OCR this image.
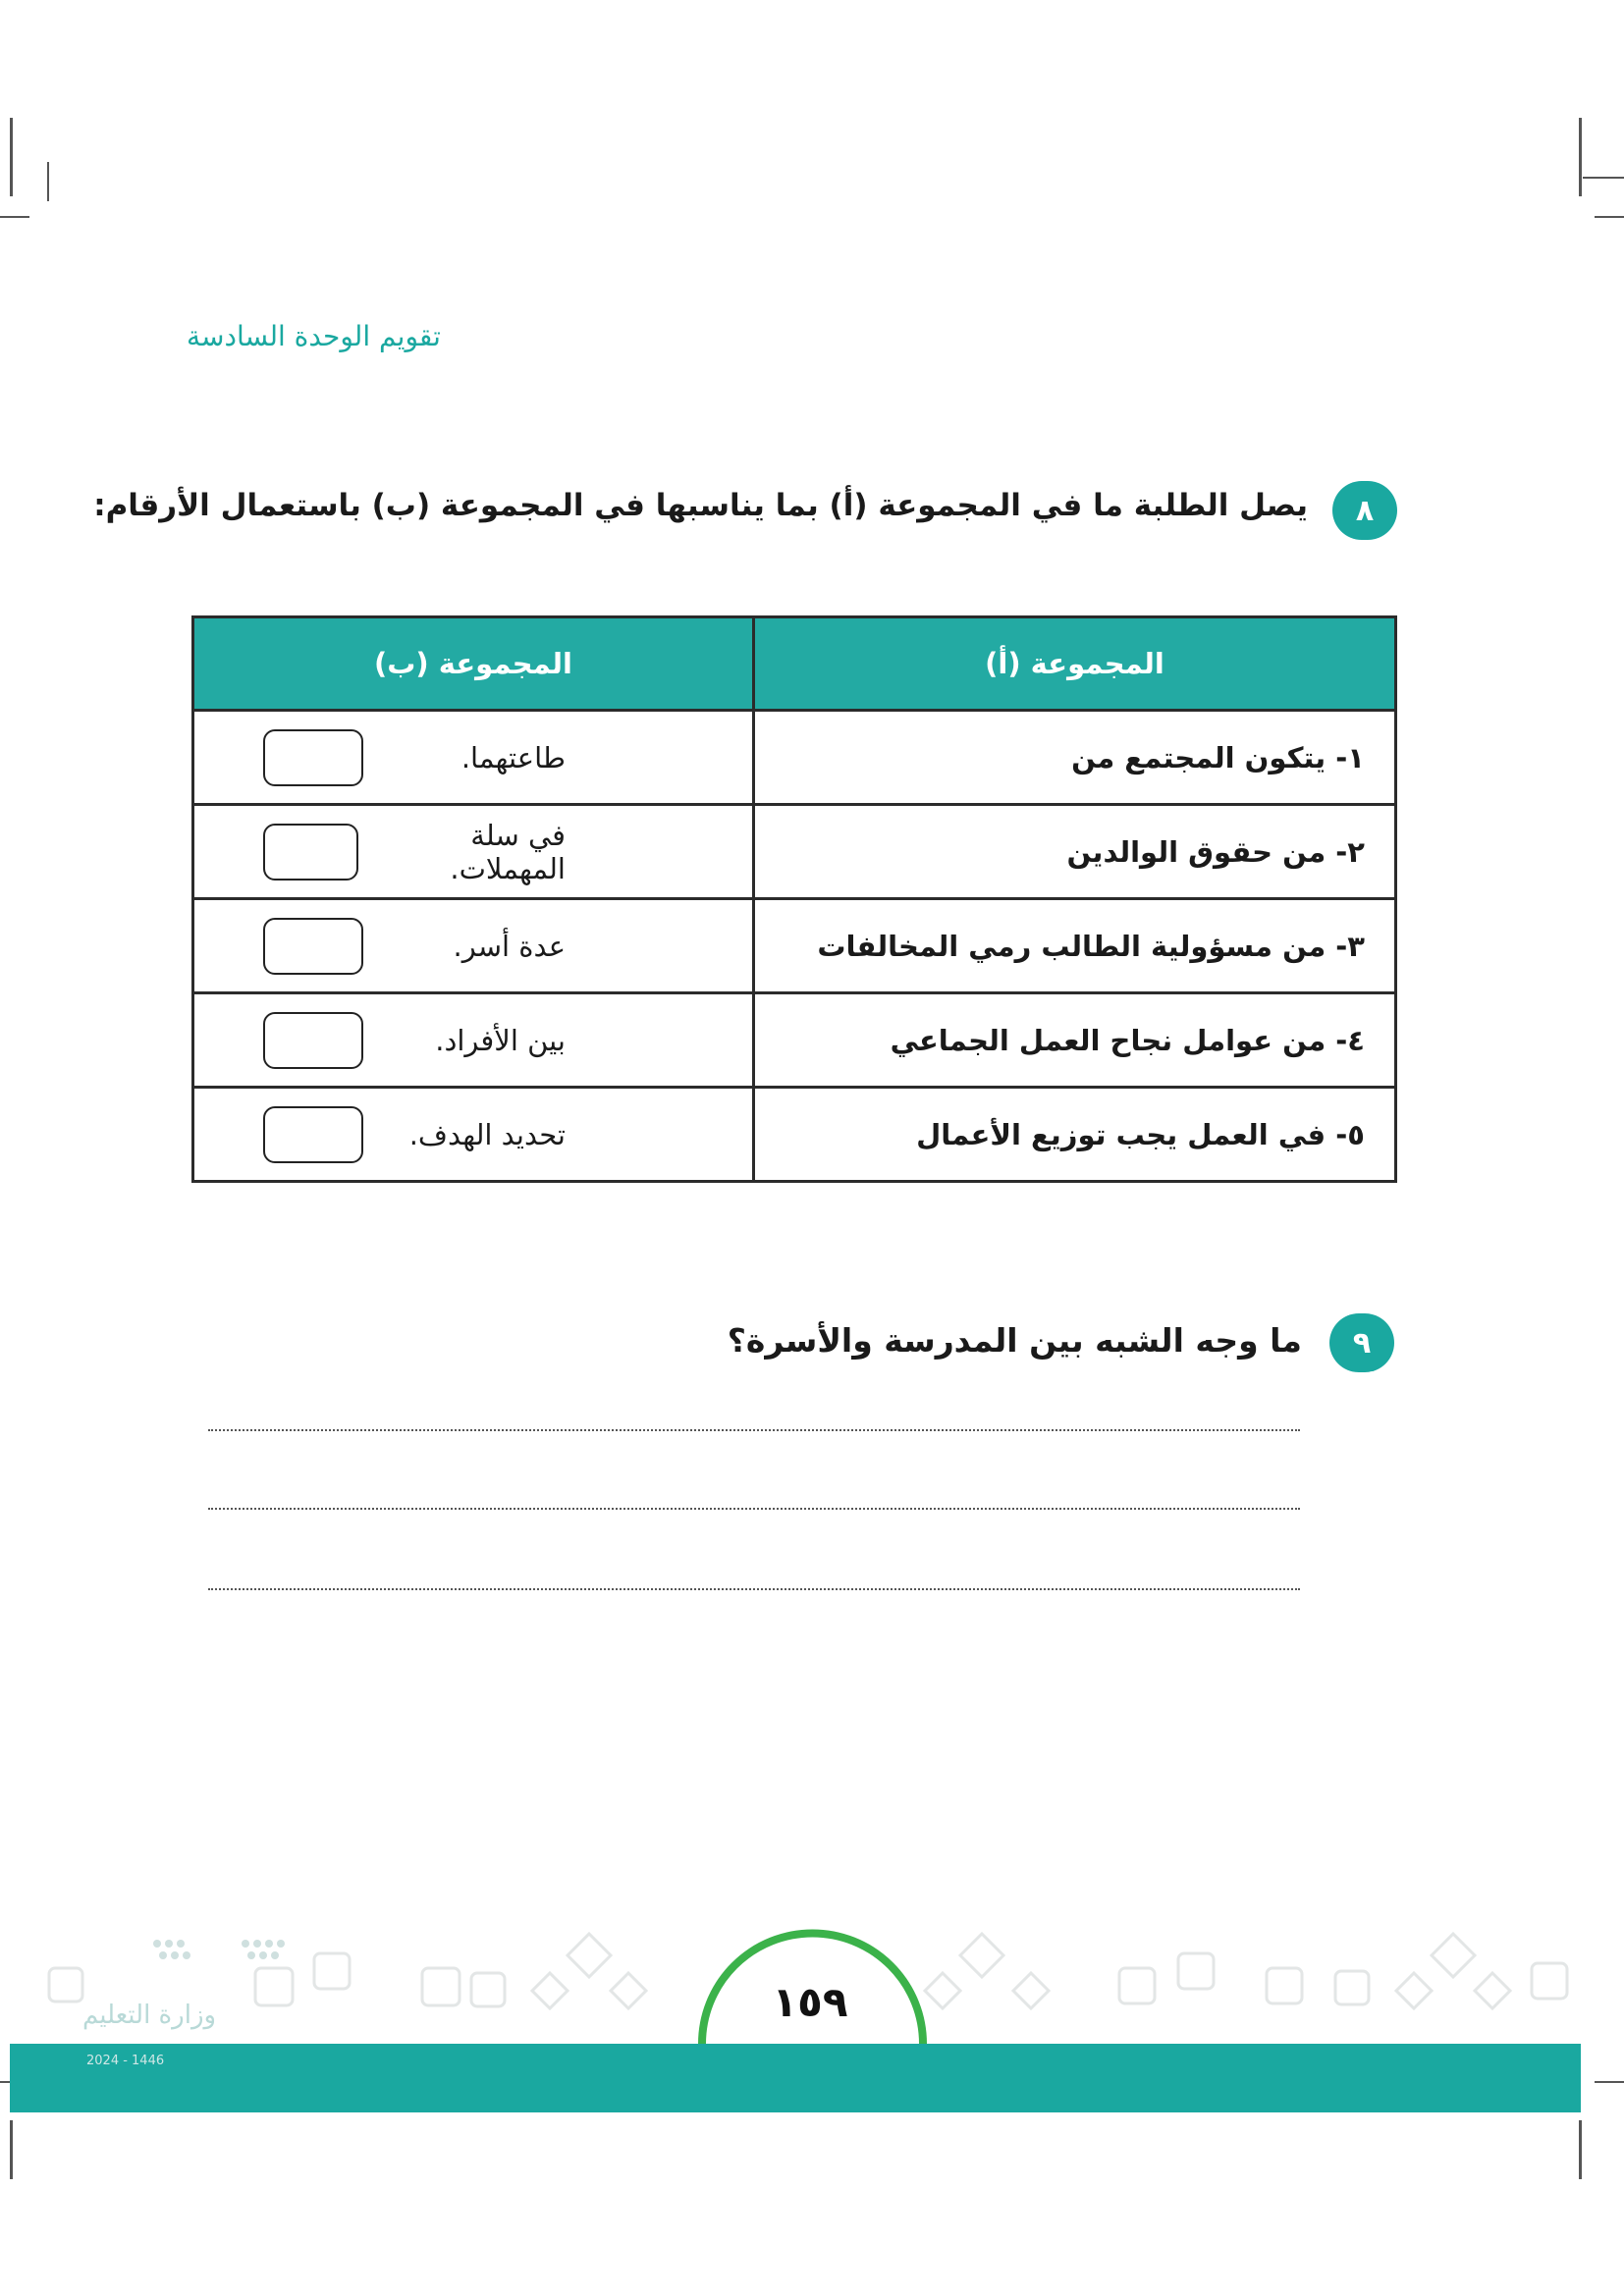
تقويم الوحدة السادسة
٨
يصل الطلبة ما في المجموعة (أ) بما يناسبها في المجموعة (ب) باستعمال الأرقام:
المجموعة (أ)	المجموعة (ب)
١- يتكون المجتمع من	طاعتهما.

٢- من حقوق الوالدين	في سلة المهملات.

٣- من مسؤولية الطالب رمي المخالفات	عدة أسر.

٤- من عوامل نجاح العمل الجماعي	بين الأفراد.

٥- في العمل يجب توزيع الأعمال	تحديد الهدف.
٩
ما وجه الشبه بين المدرسة والأسرة؟
١٥٩
وزارة التعليم
2024 - 1446
